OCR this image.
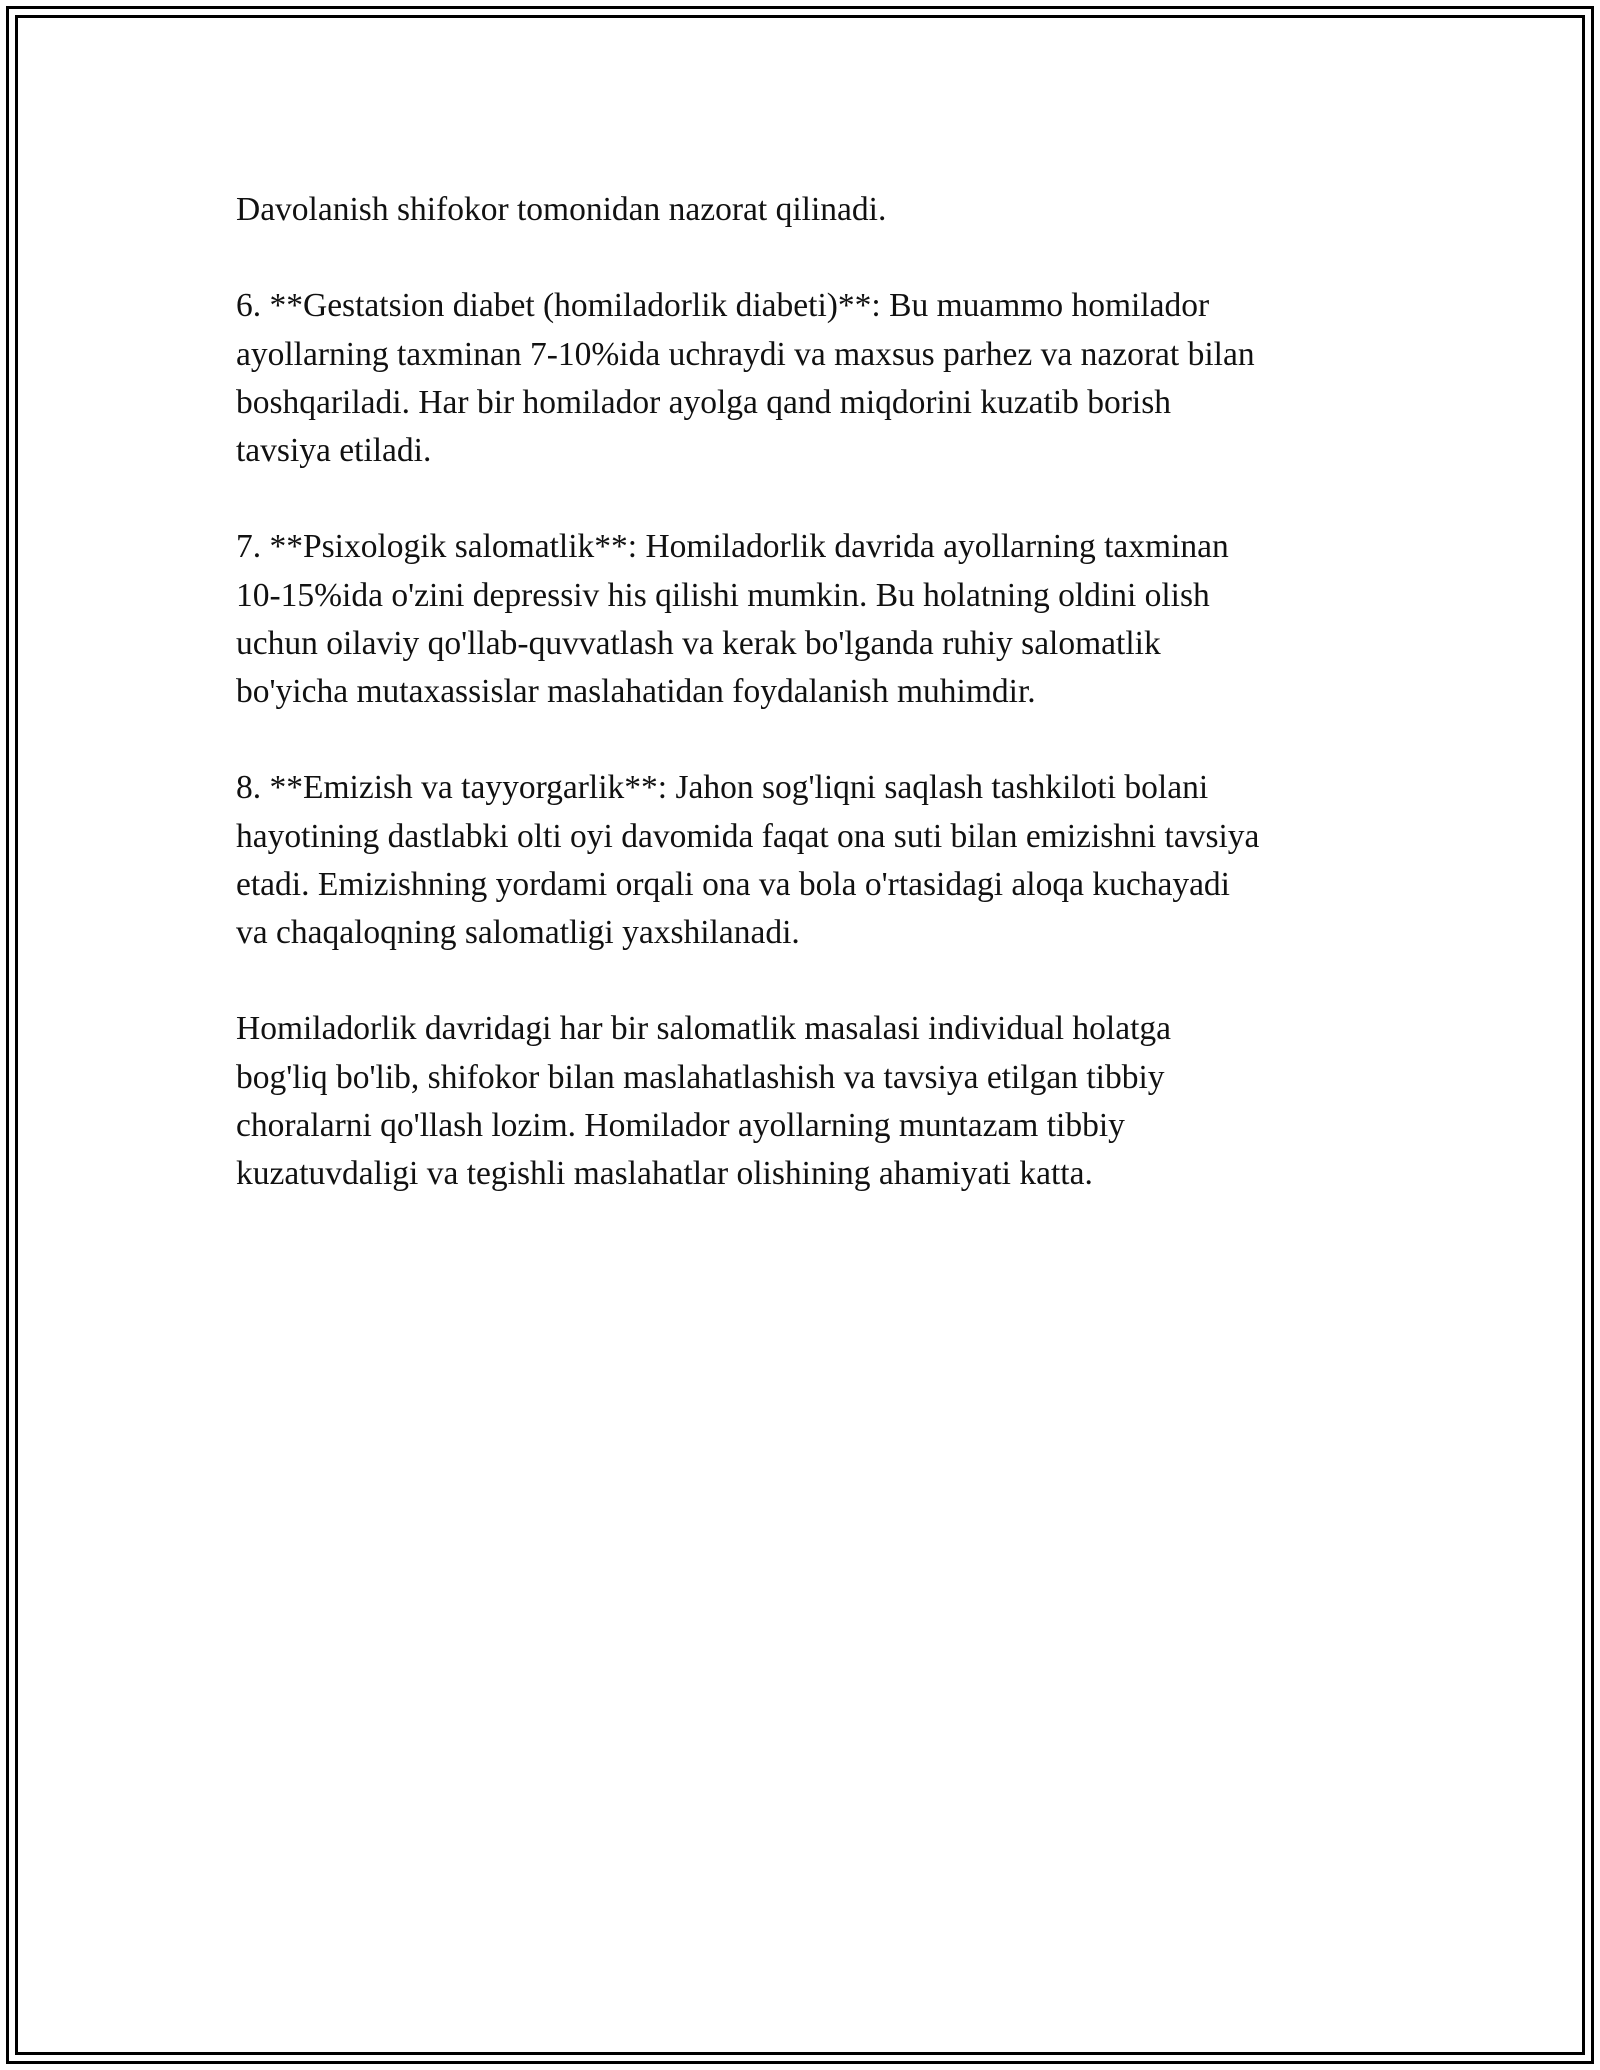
Davolanish shifokor tomonidan nazorat qilinadi.
6. **Gestatsion diabet (homiladorlik diabeti)**: Bu muammo homilador
ayollarning taxminan 7-10%ida uchraydi va maxsus parhez va nazorat bilan
boshqariladi. Har bir homilador ayolga qand miqdorini kuzatib borish
tavsiya etiladi.
7. **Psixologik salomatlik**: Homiladorlik davrida ayollarning taxminan
10-15%ida o'zini depressiv his qilishi mumkin. Bu holatning oldini olish
uchun oilaviy qo'llab-quvvatlash va kerak bo'lganda ruhiy salomatlik
bo'yicha mutaxassislar maslahatidan foydalanish muhimdir.
8. **Emizish va tayyorgarlik**: Jahon sog'liqni saqlash tashkiloti bolani
hayotining dastlabki olti oyi davomida faqat ona suti bilan emizishni tavsiya
etadi. Emizishning yordami orqali ona va bola o'rtasidagi aloqa kuchayadi
va chaqaloqning salomatligi yaxshilanadi.
Homiladorlik davridagi har bir salomatlik masalasi individual holatga
bog'liq bo'lib, shifokor bilan maslahatlashish va tavsiya etilgan tibbiy
choralarni qo'llash lozim. Homilador ayollarning muntazam tibbiy
kuzatuvdaligi va tegishli maslahatlar olishining ahamiyati katta.
